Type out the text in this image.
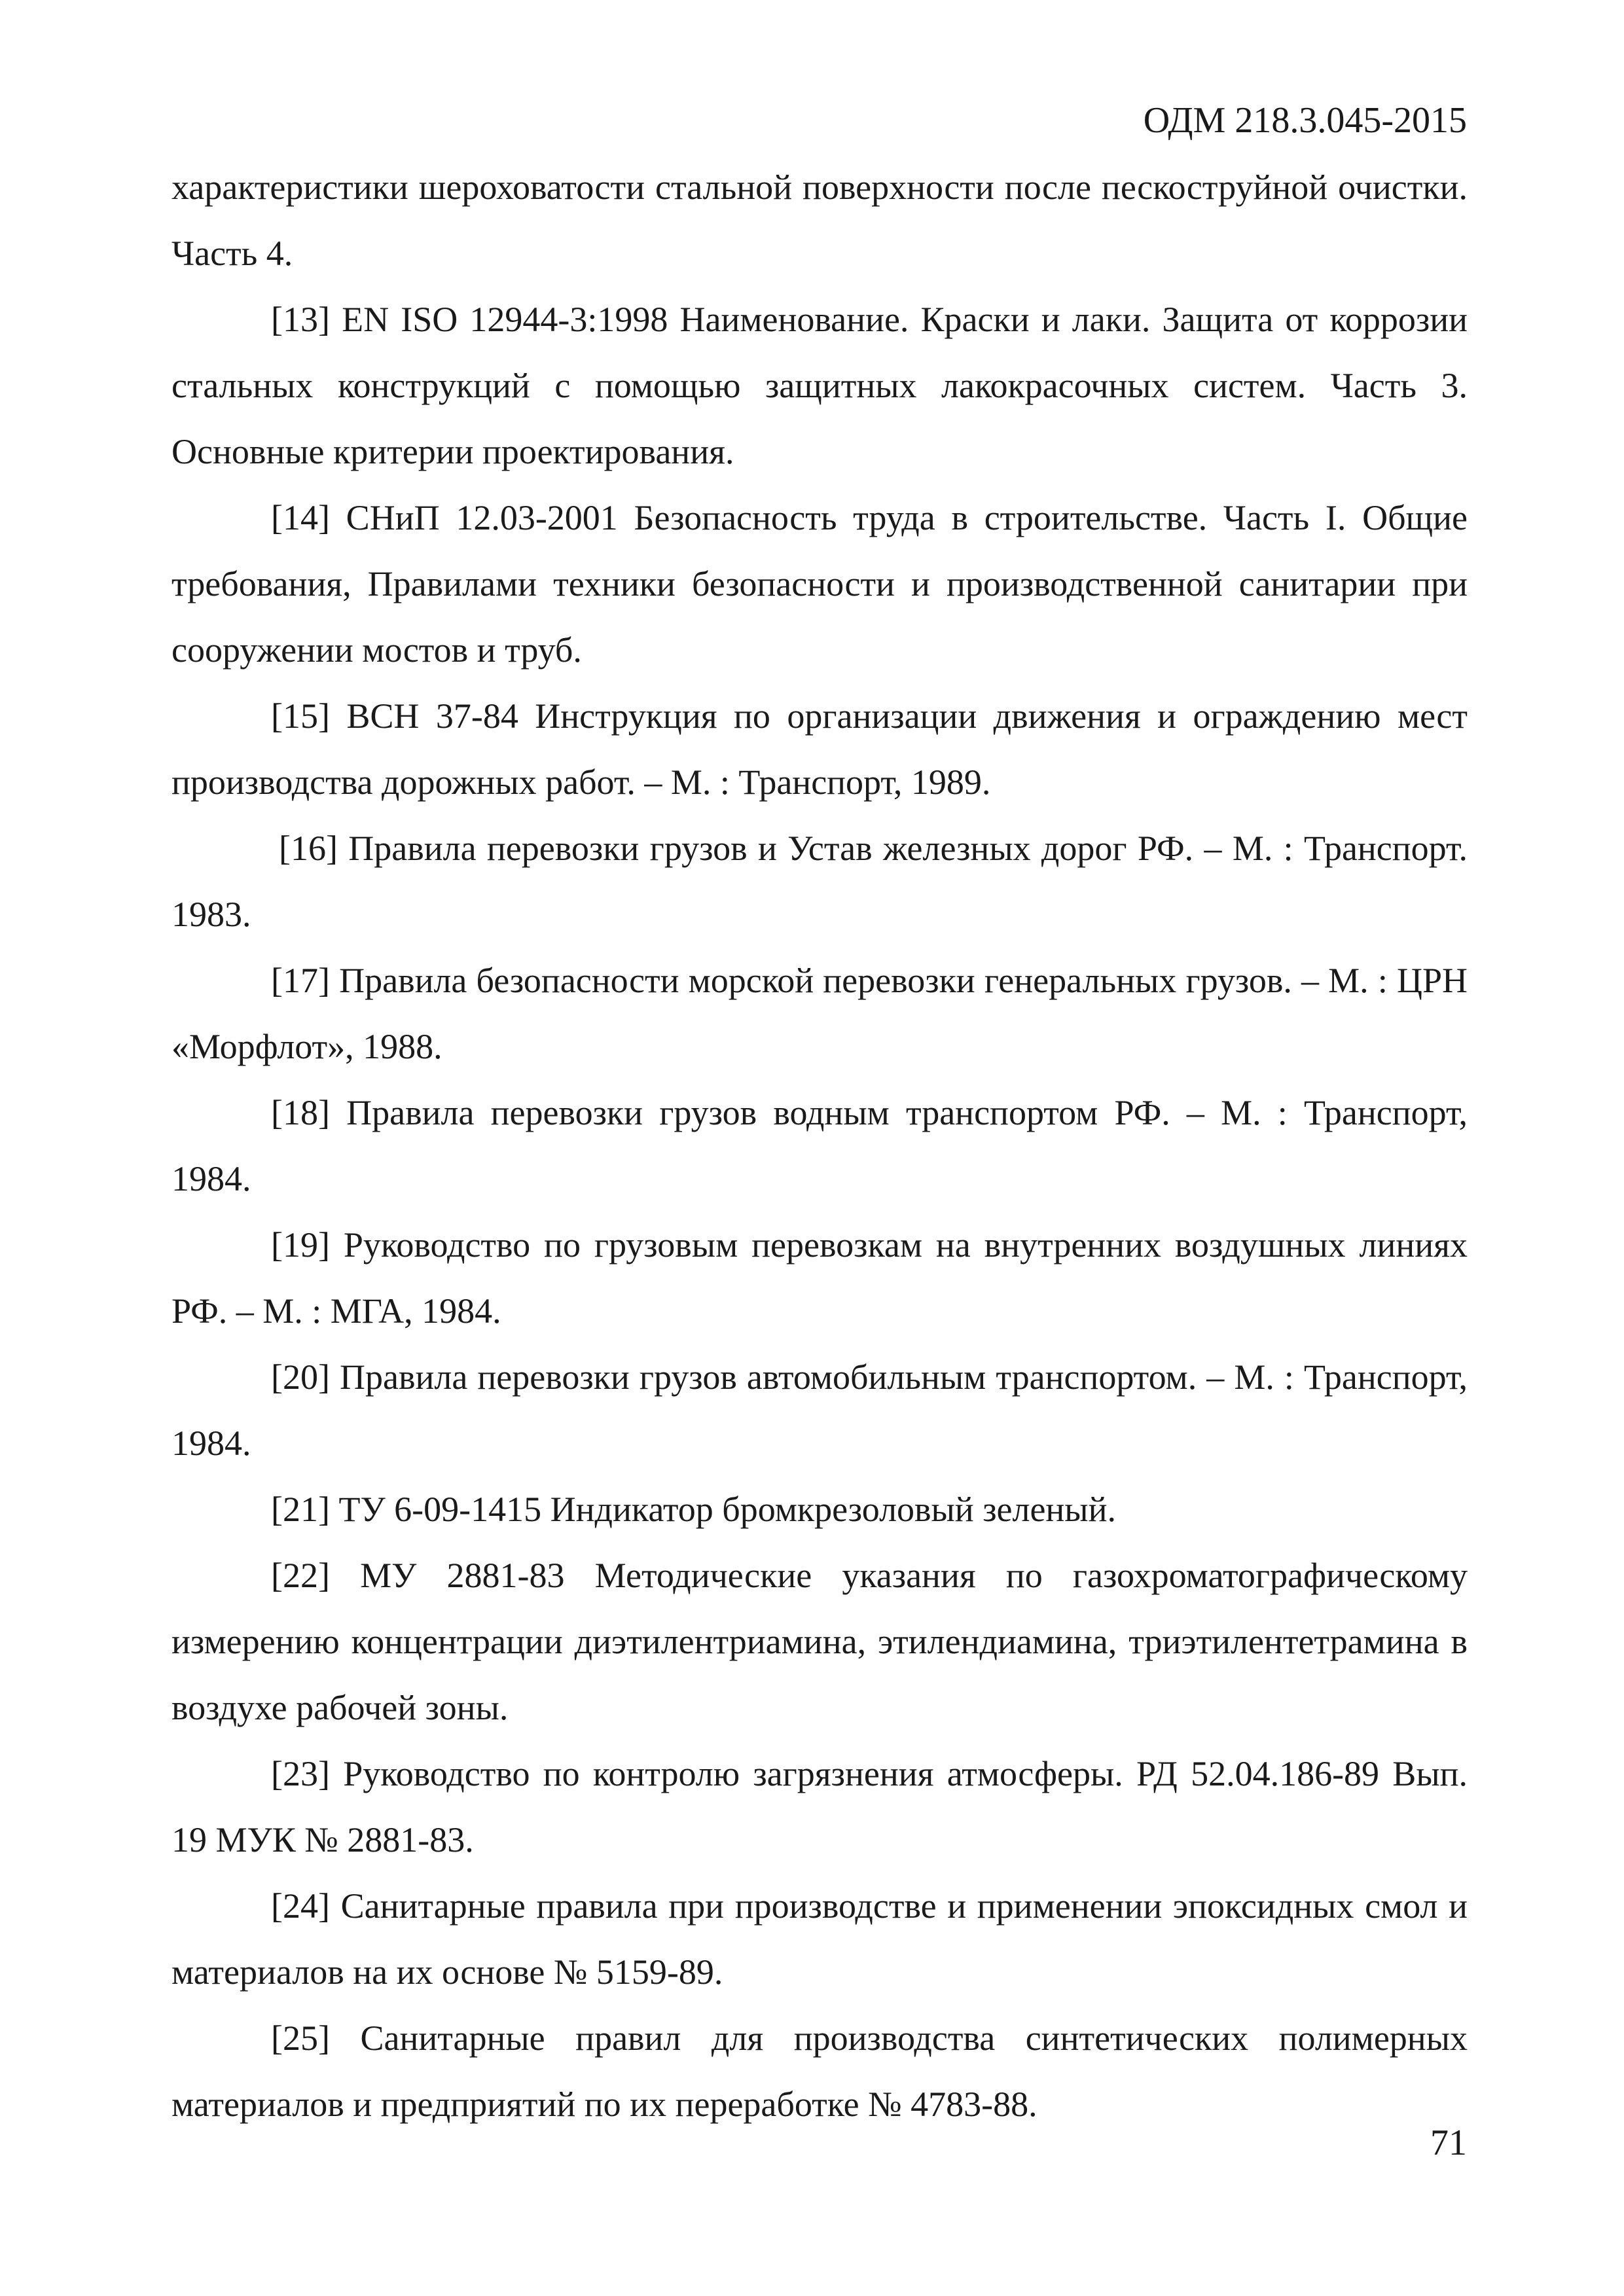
ОДМ 218.3.045-2015

характеристики шероховатости стальной поверхности после пескоструйной очистки. Часть 4.

[13] EN ISO 12944-3:1998 Наименование. Краски и лаки. Защита от коррозии стальных конструкций с помощью защитных лакокрасочных систем. Часть 3. Основные критерии проектирования.

[14] СНиП 12.03-2001 Безопасность труда в строительстве. Часть I. Общие требования, Правилами техники безопасности и производственной санитарии при сооружении мостов и труб.

[15] ВСН 37-84 Инструкция по организации движения и ограждению мест производства дорожных работ. – М. : Транспорт, 1989.

[16] Правила перевозки грузов и Устав железных дорог РФ. – М. : Транспорт. 1983.

[17] Правила безопасности морской перевозки генеральных грузов. – М. : ЦРН «Морфлот», 1988.

[18] Правила перевозки грузов водным транспортом РФ. – М. : Транспорт, 1984.

[19] Руководство по грузовым перевозкам на внутренних воздушных линиях РФ. – М. : МГА, 1984.

[20] Правила перевозки грузов автомобильным транспортом. – М. : Транспорт, 1984.

[21] ТУ 6-09-1415 Индикатор бромкрезоловый зеленый.

[22] МУ 2881-83 Методические указания по газохроматографическому измерению концентрации диэтилентриамина, этилендиамина, триэтилентетрамина в воздухе рабочей зоны.

[23] Руководство по контролю загрязнения атмосферы. РД 52.04.186-89 Вып. 19 МУК № 2881-83.

[24] Санитарные правила при производстве и применении эпоксидных смол и материалов на их основе № 5159-89.

[25] Санитарные правил для производства синтетических полимерных материалов и предприятий по их переработке № 4783-88.

71
